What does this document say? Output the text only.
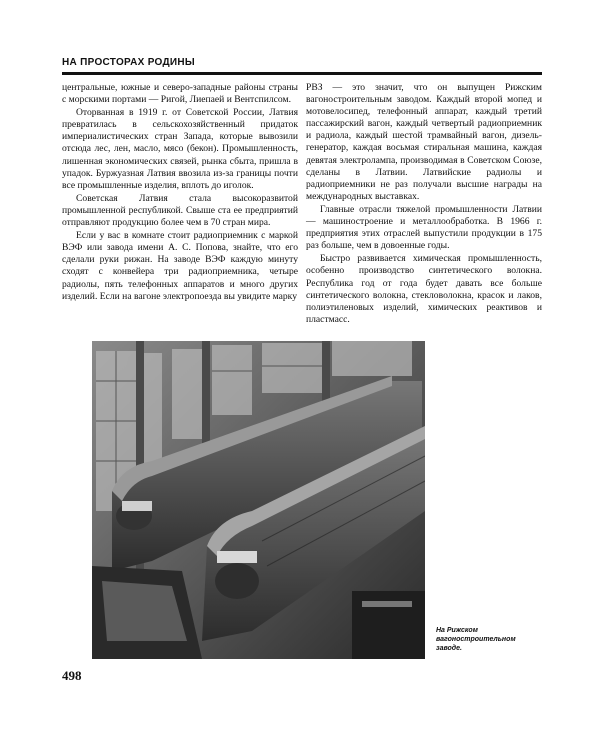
НА ПРОСТОРАХ РОДИНЫ

центральные, южные и северо-западные районы страны с морскими портами — Ригой, Лиепаей и Вентспилсом.

Оторванная в 1919 г. от Советской России, Латвия превратилась в сельскохозяйственный придаток империалистических стран Запада, которые вывозили отсюда лес, лен, масло, мясо (бекон). Промышленность, лишенная экономических связей, рынка сбыта, пришла в упадок. Буржуазная Латвия ввозила из-за границы почти все промышленные изделия, вплоть до иголок.

Советская Латвия стала высокоразвитой промышленной республикой. Свыше ста ее предприятий отправляют продукцию более чем в 70 стран мира.

Если у вас в комнате стоит радиоприемник с маркой ВЭФ или завода имени А. С. Попова, знайте, что его сделали руки рижан. На заводе ВЭФ каждую минуту сходят с конвейера три радиоприемника, четыре радиолы, пять телефонных аппаратов и много других изделий. Если на вагоне электропоезда вы увидите марку

РВЗ — это значит, что он выпущен Рижским вагоностроительным заводом. Каждый второй мопед и мотовелосипед, телефонный аппарат, каждый третий пассажирский вагон, каждый четвертый радиоприемник и радиола, каждый шестой трамвайный вагон, дизель-генератор, каждая восьмая стиральная машина, каждая девятая электролампа, производимая в Советском Союзе, сделаны в Латвии. Латвийские радиолы и радиоприемники не раз получали высшие награды на международных выставках.

Главные отрасли тяжелой промышленности Латвии — машиностроение и металлообработка. В 1966 г. предприятия этих отраслей выпустили продукции в 175 раз больше, чем в довоенные годы.

Быстро развивается химическая промышленность, особенно производство синтетического волокна. Республика год от года будет давать все больше синтетического волокна, стекловолокна, красок и лаков, полиэтиленовых изделий, химических реактивов и пластмасс.

На Рижском вагоностроительном заводе.
498
